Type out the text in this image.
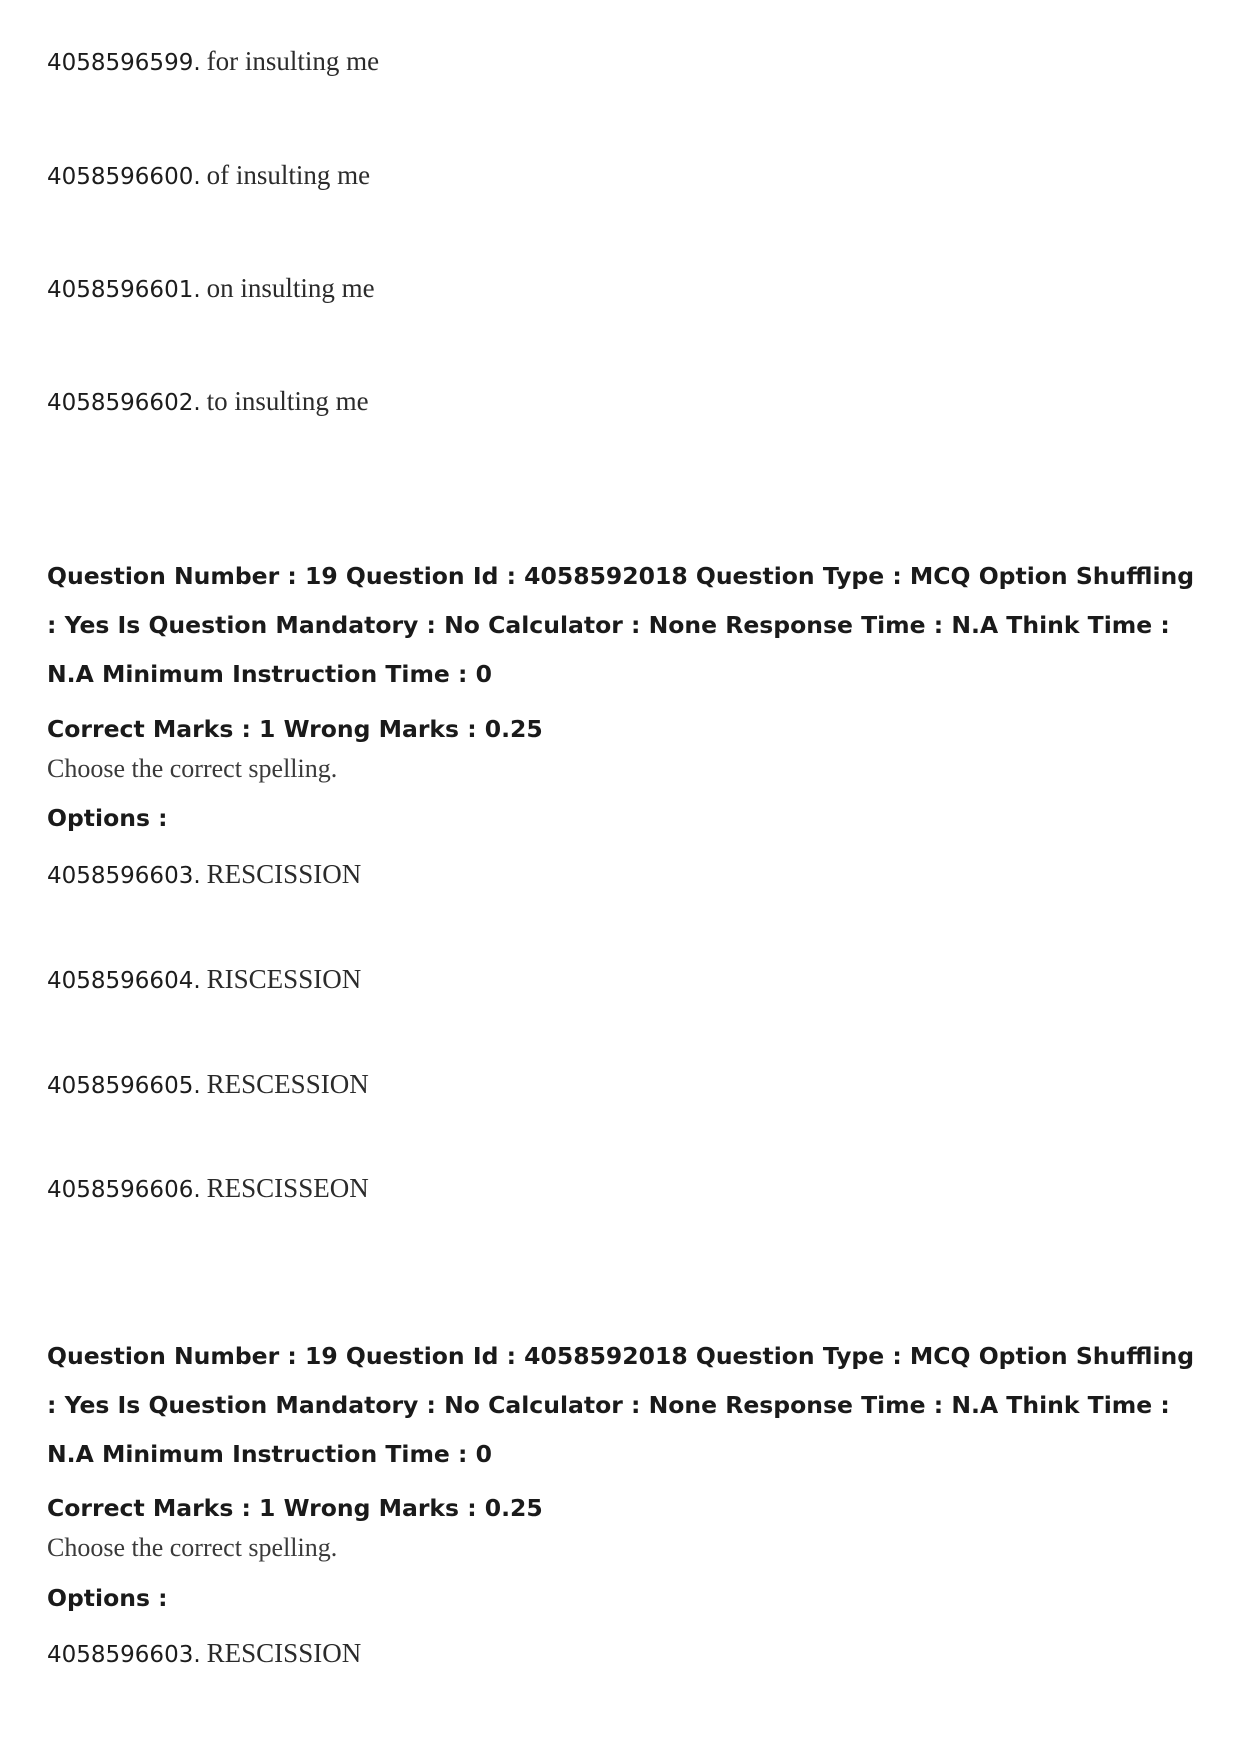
4058596599. for insulting me
4058596600. of insulting me
4058596601. on insulting me
4058596602. to insulting me
Question Number : 19 Question Id : 4058592018 Question Type : MCQ Option Shuffling : Yes Is Question Mandatory : No Calculator : None Response Time : N.A Think Time : N.A Minimum Instruction Time : 0
Correct Marks : 1 Wrong Marks : 0.25
Choose the correct spelling.
Options :
4058596603. RESCISSION
4058596604. RISCESSION
4058596605. RESCESSION
4058596606. RESCISSEON
Question Number : 19 Question Id : 4058592018 Question Type : MCQ Option Shuffling : Yes Is Question Mandatory : No Calculator : None Response Time : N.A Think Time : N.A Minimum Instruction Time : 0
Correct Marks : 1 Wrong Marks : 0.25
Choose the correct spelling.
Options :
4058596603. RESCISSION
